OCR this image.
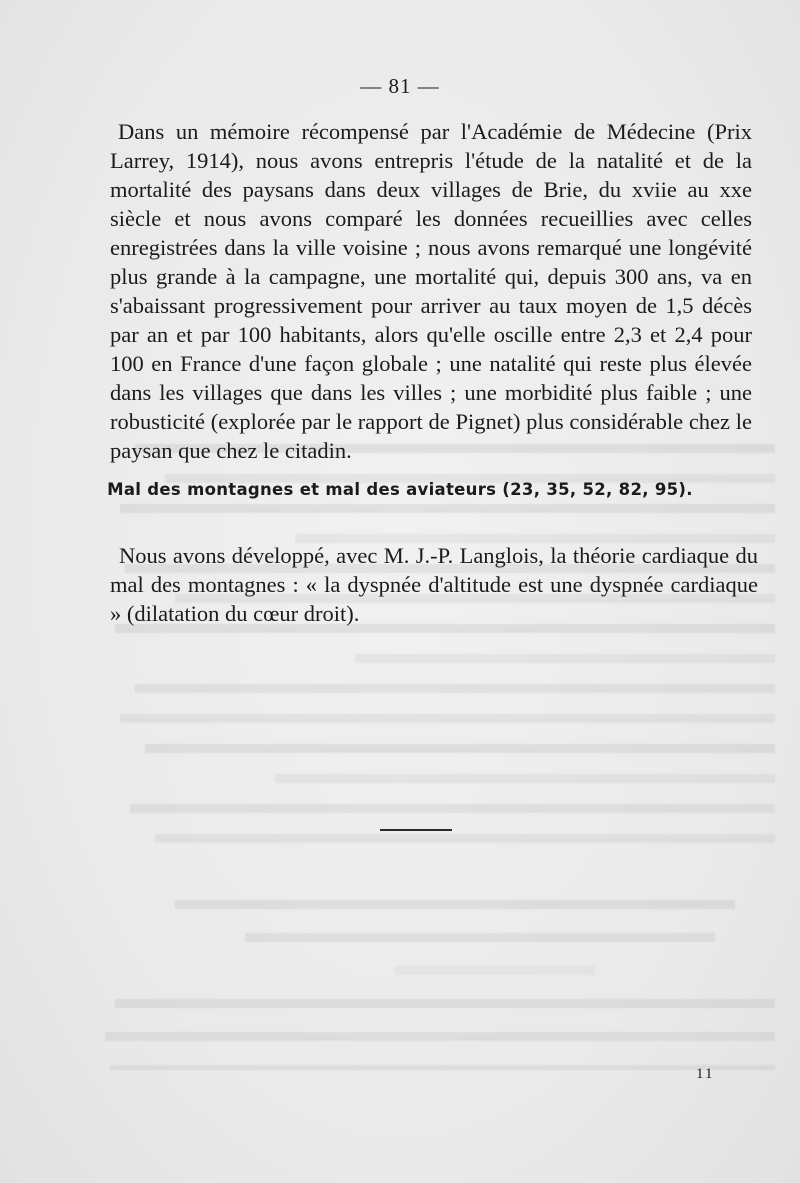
— 81 —

Dans un mémoire récompensé par l'Académie de Médecine (Prix Larrey, 1914), nous avons entrepris l'étude de la natalité et de la mortalité des paysans dans deux villages de Brie, du xviie au xxe siècle et nous avons comparé les données recueillies avec celles enregistrées dans la ville voisine ; nous avons remarqué une longévité plus grande à la campagne, une mortalité qui, depuis 300 ans, va en s'abaissant progressivement pour arriver au taux moyen de 1,5 décès par an et par 100 habitants, alors qu'elle oscille entre 2,3 et 2,4 pour 100 en France d'une façon globale ; une natalité qui reste plus élevée dans les villages que dans les villes ; une morbidité plus faible ; une robusticité (explorée par le rapport de Pignet) plus considérable chez le paysan que chez le citadin.

Mal des montagnes et mal des aviateurs (23, 35, 52, 82, 95).

Nous avons développé, avec M. J.-P. Langlois, la théorie cardiaque du mal des montagnes : « la dyspnée d'altitude est une dyspnée cardiaque » (dilatation du cœur droit).

11
